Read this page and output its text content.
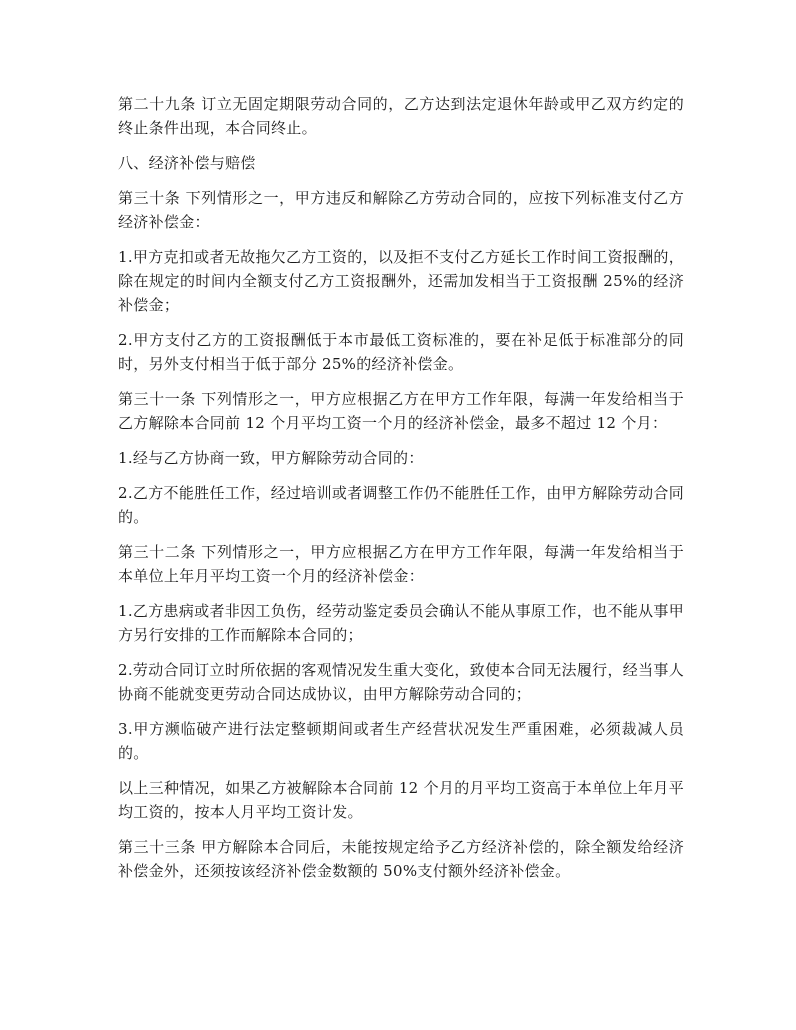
第二十九条 订立无固定期限劳动合同的，乙方达到法定退休年龄或甲乙双方约定的终止条件出现，本合同终止。

八、经济补偿与赔偿

第三十条 下列情形之一，甲方违反和解除乙方劳动合同的，应按下列标准支付乙方经济补偿金：

1.甲方克扣或者无故拖欠乙方工资的，以及拒不支付乙方延长工作时间工资报酬的，除在规定的时间内全额支付乙方工资报酬外，还需加发相当于工资报酬 25%的经济补偿金；

2.甲方支付乙方的工资报酬低于本市最低工资标准的，要在补足低于标准部分的同时，另外支付相当于低于部分 25%的经济补偿金。

第三十一条 下列情形之一，甲方应根据乙方在甲方工作年限，每满一年发给相当于乙方解除本合同前 12 个月平均工资一个月的经济补偿金，最多不超过 12 个月：

1.经与乙方协商一致，甲方解除劳动合同的：

2.乙方不能胜任工作，经过培训或者调整工作仍不能胜任工作，由甲方解除劳动合同的。

第三十二条 下列情形之一，甲方应根据乙方在甲方工作年限，每满一年发给相当于本单位上年月平均工资一个月的经济补偿金：

1.乙方患病或者非因工负伤，经劳动鉴定委员会确认不能从事原工作，也不能从事甲方另行安排的工作而解除本合同的；

2.劳动合同订立时所依据的客观情况发生重大变化，致使本合同无法履行，经当事人协商不能就变更劳动合同达成协议，由甲方解除劳动合同的；

3.甲方濒临破产进行法定整顿期间或者生产经营状况发生严重困难，必须裁减人员的。

以上三种情况，如果乙方被解除本合同前 12 个月的月平均工资高于本单位上年月平均工资的，按本人月平均工资计发。

第三十三条 甲方解除本合同后，未能按规定给予乙方经济补偿的，除全额发给经济补偿金外，还须按该经济补偿金数额的 50%支付额外经济补偿金。
